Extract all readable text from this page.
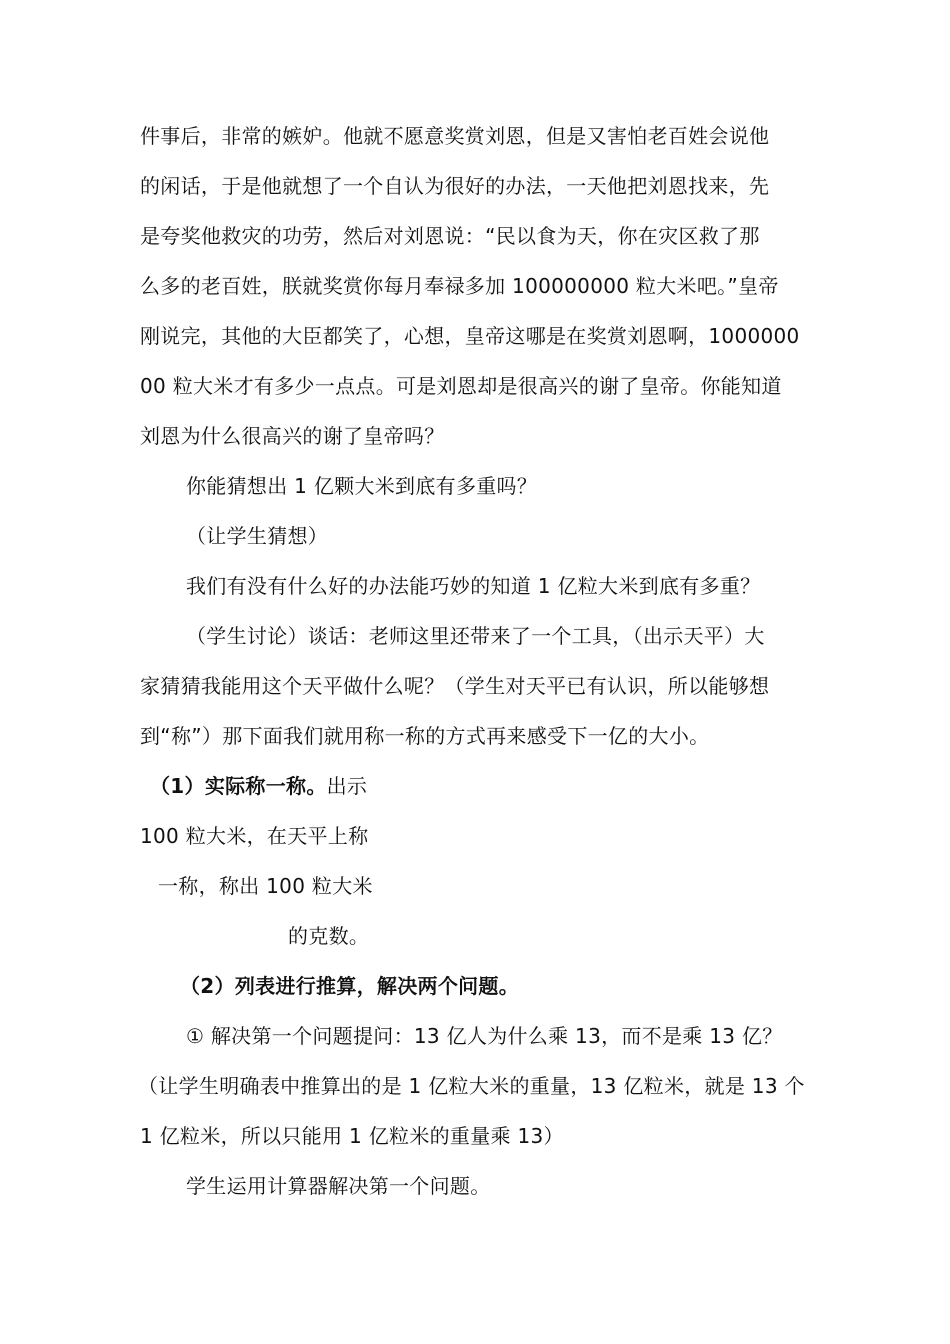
件事后，非常的嫉妒。他就不愿意奖赏刘恩，但是又害怕老百姓会说他
的闲话，于是他就想了一个自认为很好的办法，一天他把刘恩找来，先
是夸奖他救灾的功劳，然后对刘恩说：“民以食为天，你在灾区救了那
么多的老百姓，朕就奖赏你每月奉禄多加 100000000 粒大米吧。”皇帝
刚说完，其他的大臣都笑了，心想，皇帝这哪是在奖赏刘恩啊，1000000
00 粒大米才有多少一点点。可是刘恩却是很高兴的谢了皇帝。你能知道
刘恩为什么很高兴的谢了皇帝吗？
你能猜想出 1 亿颗大米到底有多重吗？
（让学生猜想）
我们有没有什么好的办法能巧妙的知道 1 亿粒大米到底有多重？
（学生讨论）谈话：老师这里还带来了一个工具，（出示天平）大
家猜猜我能用这个天平做什么呢？（学生对天平已有认识，所以能够想
到“称”）那下面我们就用称一称的方式再来感受下一亿的大小。
（1）实际称一称。出示
100 粒大米，在天平上称
一称，称出 100 粒大米
的克数。
（2）列表进行推算，解决两个问题。
① 解决第一个问题提问：13 亿人为什么乘 13，而不是乘 13 亿？
（让学生明确表中推算出的是 1 亿粒大米的重量，13 亿粒米，就是 13 个
1 亿粒米，所以只能用 1 亿粒米的重量乘 13）
学生运用计算器解决第一个问题。
